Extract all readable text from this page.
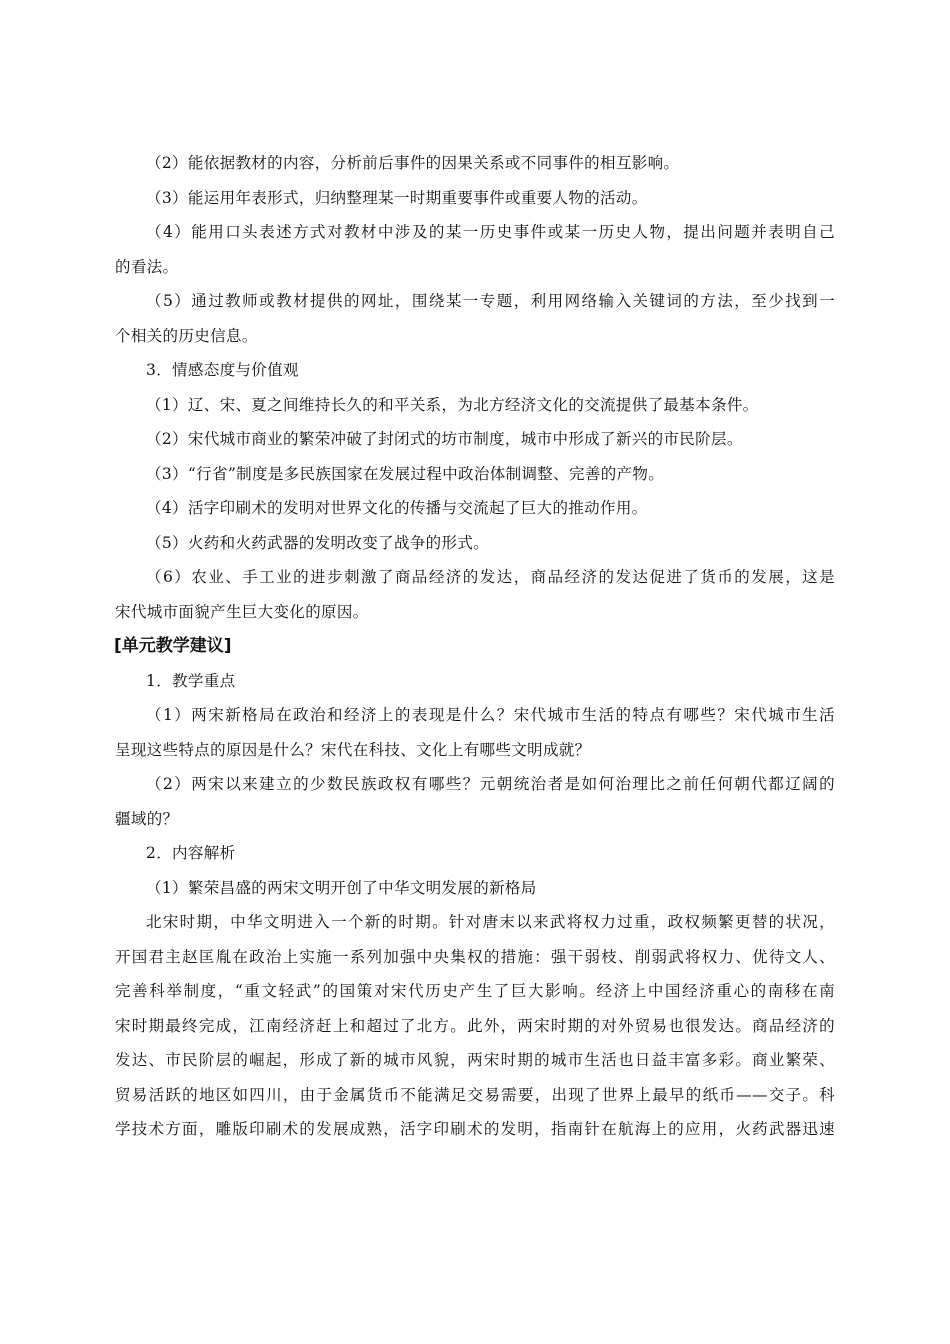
（2）能依据教材的内容，分析前后事件的因果关系或不同事件的相互影响。
（3）能运用年表形式，归纳整理某一时期重要事件或重要人物的活动。
（4）能用口头表述方式对教材中涉及的某一历史事件或某一历史人物，提出问题并表明自己
的看法。
（5）通过教师或教材提供的网址，围绕某一专题，利用网络输入关键词的方法，至少找到一
个相关的历史信息。
3．情感态度与价值观
（1）辽、宋、夏之间维持长久的和平关系，为北方经济文化的交流提供了最基本条件。
（2）宋代城市商业的繁荣冲破了封闭式的坊市制度，城市中形成了新兴的市民阶层。
（3）“行省”制度是多民族国家在发展过程中政治体制调整、完善的产物。
（4）活字印刷术的发明对世界文化的传播与交流起了巨大的推动作用。
（5）火药和火药武器的发明改变了战争的形式。
（6）农业、手工业的进步刺激了商品经济的发达，商品经济的发达促进了货币的发展，这是
宋代城市面貌产生巨大变化的原因。
[单元教学建议]
1．教学重点
（1）两宋新格局在政治和经济上的表现是什么？宋代城市生活的特点有哪些？宋代城市生活
呈现这些特点的原因是什么？宋代在科技、文化上有哪些文明成就？
（2）两宋以来建立的少数民族政权有哪些？元朝统治者是如何治理比之前任何朝代都辽阔的
疆域的？
2．内容解析
（1）繁荣昌盛的两宋文明开创了中华文明发展的新格局
北宋时期，中华文明进入一个新的时期。针对唐末以来武将权力过重，政权频繁更替的状况，
开国君主赵匡胤在政治上实施一系列加强中央集权的措施：强干弱枝、削弱武将权力、优待文人、
完善科举制度，“重文轻武”的国策对宋代历史产生了巨大影响。经济上中国经济重心的南移在南
宋时期最终完成，江南经济赶上和超过了北方。此外，两宋时期的对外贸易也很发达。商品经济的
发达、市民阶层的崛起，形成了新的城市风貌，两宋时期的城市生活也日益丰富多彩。商业繁荣、
贸易活跃的地区如四川，由于金属货币不能满足交易需要，出现了世界上最早的纸币——交子。科
学技术方面，雕版印刷术的发展成熟，活字印刷术的发明，指南针在航海上的应用，火药武器迅速
